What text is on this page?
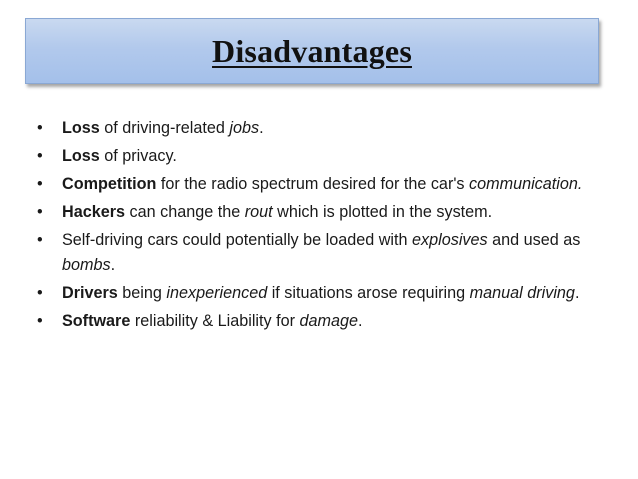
Disadvantages
• Loss of driving-related jobs.
• Loss of privacy.
• Competition for the radio spectrum desired for the car's communication.
• Hackers can change the rout which is plotted in the system.
• Self-driving cars could potentially be loaded with explosives and used as bombs.
• Drivers being inexperienced if situations arose requiring manual driving.
• Software reliability & Liability for damage.
